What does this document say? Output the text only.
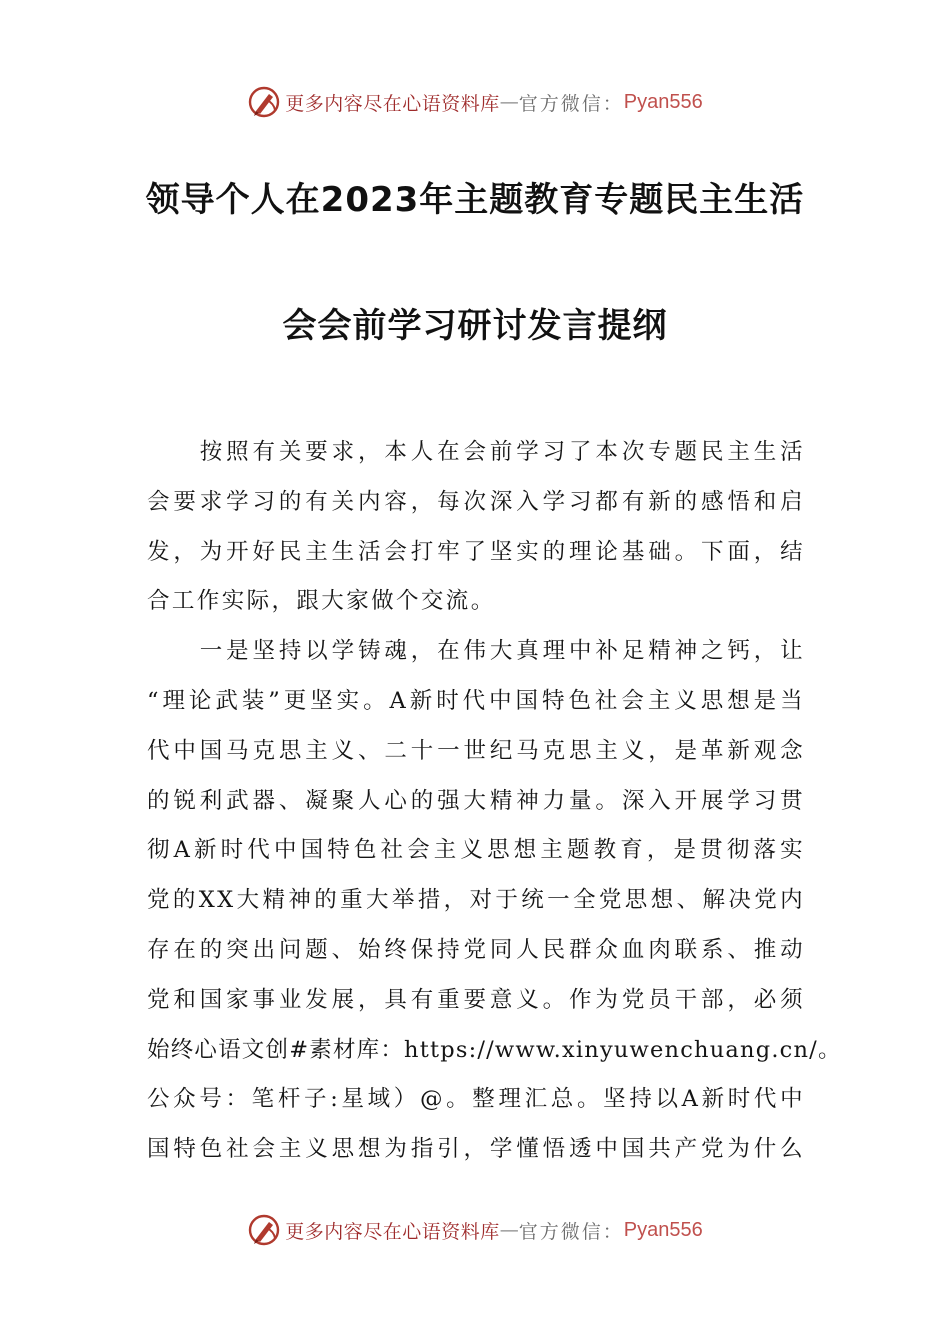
更多内容尽在心语资料库 — 官方微信： Pyan556
领导个人在2023年主题教育专题民主生活
会会前学习研讨发言提纲
　　按照有关要求，本人在会前学习了本次专题民主生活
会要求学习的有关内容，每次深入学习都有新的感悟和启
发，为开好民主生活会打牢了坚实的理论基础。下面，结
合工作实际，跟大家做个交流。
　　一是坚持以学铸魂，在伟大真理中补足精神之钙，让
“理论武装”更坚实。A新时代中国特色社会主义思想是当
代中国马克思主义、二十一世纪马克思主义，是革新观念
的锐利武器、凝聚人心的强大精神力量。深入开展学习贯
彻A新时代中国特色社会主义思想主题教育，是贯彻落实
党的XX大精神的重大举措，对于统一全党思想、解决党内
存在的突出问题、始终保持党同人民群众血肉联系、推动
党和国家事业发展，具有重要意义。作为党员干部，必须
始终心语文创#素材库：https://www.xinyuwenchuang.cn/。
公众号：笔杆子:星域）@。整理汇总。坚持以A新时代中
国特色社会主义思想为指引，学懂悟透中国共产党为什么
更多内容尽在心语资料库 — 官方微信： Pyan556
